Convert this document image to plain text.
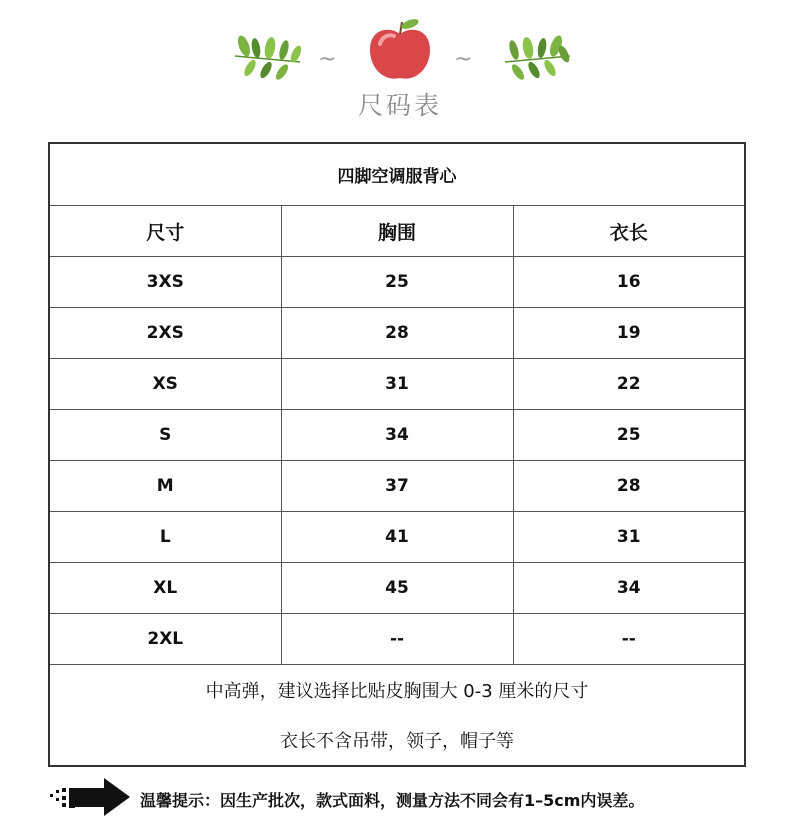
~	~
尺码表
四脚空调服背心		
尺寸	胸围	衣长
3XS	25	16
2XS	28	19
XS	31	22
S	34	25
M	37	28
L	41	31
XL	45	34
2XL	--	--
中高弹，建议选择比贴皮胸围大 0-3 厘米的尺寸		
衣长不含吊带，领子，帽子等		
温馨提示：因生产批次，款式面料，测量方法不同会有1–5cm内误差。
